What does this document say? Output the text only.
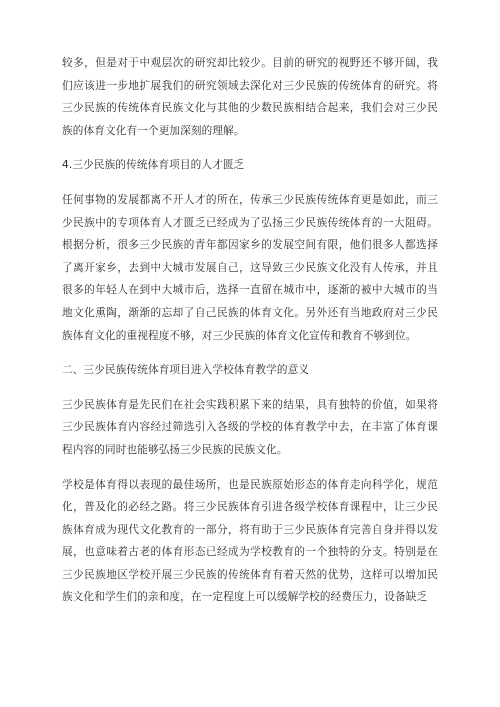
较多，但是对于中观层次的研究却比较少。目前的研究的视野还不够开阔，我们应该进一步地扩展我们的研究领域去深化对三少民族的传统体育的研究。将三少民族的传统体育民族文化与其他的少数民族相结合起来，我们会对三少民族的体育文化有一个更加深刻的理解。

4.三少民族的传统体育项目的人才匮乏

任何事物的发展都离不开人才的所在，传承三少民族传统体育更是如此，而三少民族中的专项体育人才匮乏已经成为了弘扬三少民族传统体育的一大阻碍。根据分析，很多三少民族的青年都因家乡的发展空间有限，他们很多人都选择了离开家乡，去到中大城市发展自己，这导致三少民族文化没有人传承，并且很多的年轻人在到中大城市后，选择一直留在城市中，逐渐的被中大城市的当地文化熏陶，渐渐的忘却了自己民族的体育文化。另外还有当地政府对三少民族体育文化的重视程度不够，对三少民族的体育文化宣传和教育不够到位。

二、三少民族传统体育项目进入学校体育教学的意义

三少民族体育是先民们在社会实践积累下来的结果，具有独特的价值，如果将三少民族体育内容经过筛选引入各级的学校的体育教学中去，在丰富了体育课程内容的同时也能够弘扬三少民族的民族文化。

学校是体育得以表现的最佳场所，也是民族原始形态的体育走向科学化，规范化，普及化的必经之路。将三少民族体育引进各级学校体育课程中，让三少民族体育成为现代文化教育的一部分，将有助于三少民族体育完善自身并得以发展，也意味着古老的体育形态已经成为学校教育的一个独特的分支。特别是在三少民族地区学校开展三少民族的传统体育有着天然的优势，这样可以增加民族文化和学生们的亲和度，在一定程度上可以缓解学校的经费压力，设备缺乏
